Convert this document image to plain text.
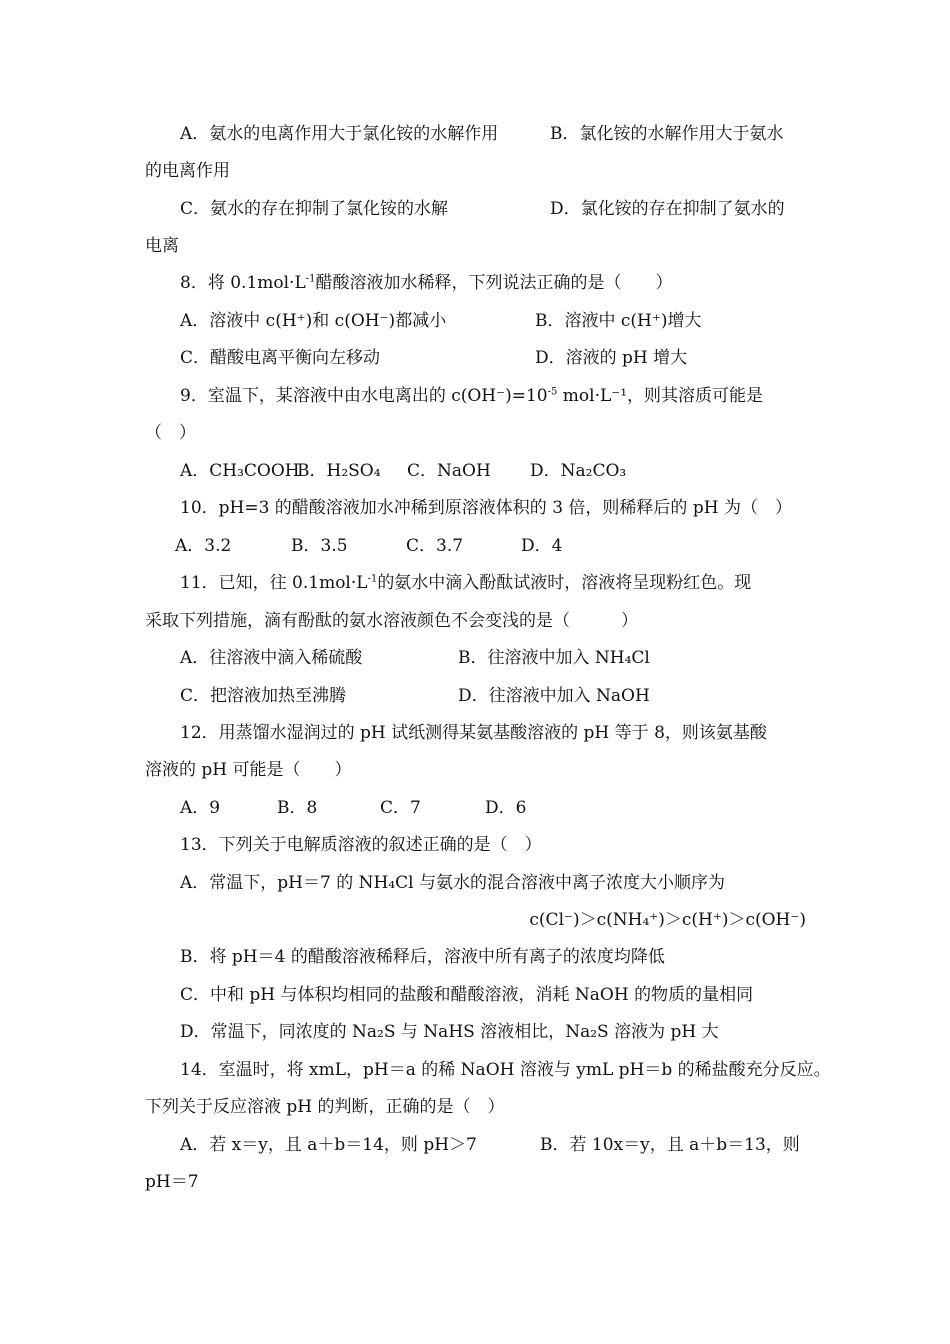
A．氨水的电离作用大于氯化铵的水解作用	B．氯化铵的水解作用大于氨水
的电离作用
C．氨水的存在抑制了氯化铵的水解	D．氯化铵的存在抑制了氨水的
电离
8．将 $0.1mol\cdot L^{-1}$醋酸溶液加水稀释，下列说法正确的是（　　）
A．溶液中 c(H⁺)和 c(OH⁻)都减小	B．溶液中 c(H⁺)增大
C．醋酸电离平衡向左移动	D．溶液的 pH 增大
9．室温下，某溶液中由水电离出的 $c(OH^-)=10^{-5}$ mol·L⁻¹，则其溶质可能是
（　）
A．CH₃COOH
B．H₂SO₄ C．NaOH D．Na₂CO₃
10．pH=3 的醋酸溶液加水冲稀到原溶液体积的 3 倍，则稀释后的 pH 为（　）
A．3.2	B．3.5	C．3.7	D．4
11．已知，往 $0.1mol\cdot L^{-1}$的氨水中滴入酚酞试液时，溶液将呈现粉红色。现
采取下列措施，滴有酚酞的氨水溶液颜色不会变浅的是（　　　）
A．往溶液中滴入稀硫酸	B．往溶液中加入 NH₄Cl
C．把溶液加热至沸腾	D．往溶液中加入 NaOH
12．用蒸馏水湿润过的 pH 试纸测得某氨基酸溶液的 pH 等于 8，则该氨基酸
溶液的 pH 可能是（　　）
A．9	B．8	C．7	D．6
13．下列关于电解质溶液的叙述正确的是（　）
A．常温下，pH＝7 的 NH₄Cl 与氨水的混合溶液中离子浓度大小顺序为
c(Cl⁻)＞c(NH₄⁺)＞c(H⁺)＞c(OH⁻)
B．将 pH＝4 的醋酸溶液稀释后，溶液中所有离子的浓度均降低
C．中和 pH 与体积均相同的盐酸和醋酸溶液，消耗 NaOH 的物质的量相同
D．常温下，同浓度的 Na₂S 与 NaHS 溶液相比，Na₂S 溶液为 pH 大
14．室温时，将 xmL，pH＝a 的稀 NaOH 溶液与 ymL pH＝b 的稀盐酸充分反应。
下列关于反应溶液 pH 的判断，正确的是（　）
A．若 x＝y，且 a＋b＝14，则 pH＞7	B．若 10x＝y，且 a＋b＝13，则
pH＝7
